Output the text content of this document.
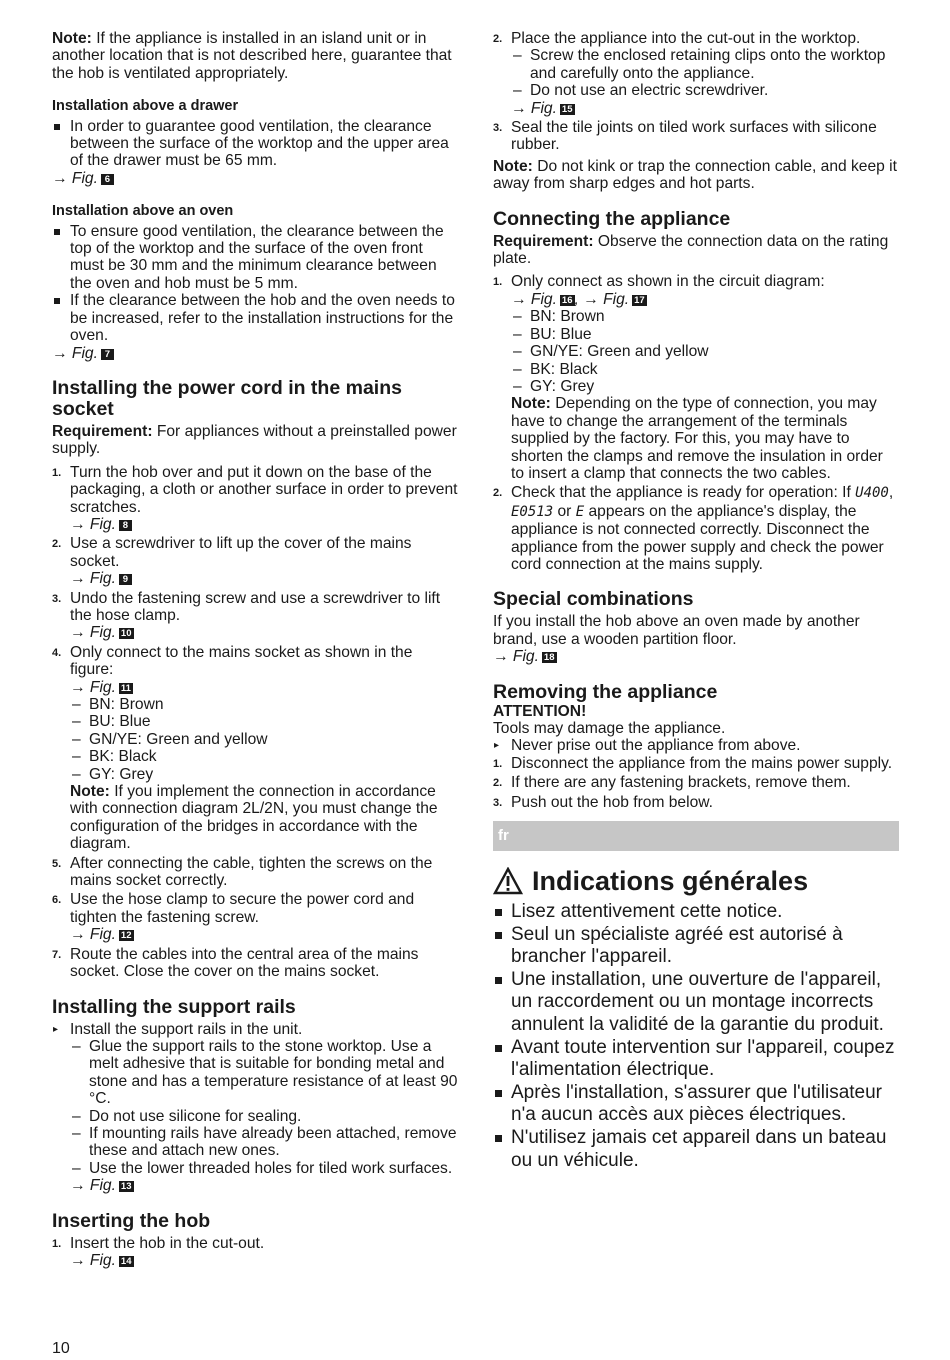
Note: If the appliance is installed in an island unit or in another location that is not described here, guarantee that the hob is ventilated appropriately.

Installation above a drawer
In order to guarantee good ventilation, the clearance between the surface of the worktop and the upper area of the drawer must be 65 mm.

→ Fig. 6

Installation above an oven
To ensure good ventilation, the clearance between the top of the worktop and the surface of the oven front must be 30 mm and the minimum clearance between the oven and hob must be 5 mm.
If the clearance between the hob and the oven needs to be increased, refer to the installation instructions for the oven.

→ Fig. 7

Installing the power cord in the mains socket

Requirement: For appliances without a preinstalled power supply.

1. Turn the hob over and put it down on the base of the packaging, a cloth or another surface in order to prevent scratches.
→ Fig. 8
2. Use a screwdriver to lift up the cover of the mains socket.
→ Fig. 9
3. Undo the fastening screw and use a screwdriver to lift the hose clamp.
→ Fig. 10
4. Only connect to the mains socket as shown in the figure:
→ Fig. 11
– BN: Brown
– BU: Blue
– GN/YE: Green and yellow
– BK: Black
– GY: Grey

Note: If you implement the connection in accordance with connection diagram 2L/2N, you must change the configuration of the bridges in accordance with the diagram.

5. After connecting the cable, tighten the screws on the mains socket correctly.
6. Use the hose clamp to secure the power cord and tighten the fastening screw.
→ Fig. 12
7. Route the cables into the central area of the mains socket. Close the cover on the mains socket.
Installing the support rails
▸ Install the support rails in the unit.
– Glue the support rails to the stone worktop. Use a melt adhesive that is suitable for bonding metal and stone and has a temperature resistance of at least 90 °C.
– Do not use silicone for sealing.
– If mounting rails have already been attached, remove these and attach new ones.
– Use the lower threaded holes for tiled work surfaces.
→ Fig. 13
Inserting the hob
1. Insert the hob in the cut-out.
→ Fig. 14
2. Place the appliance into the cut-out in the worktop.
– Screw the enclosed retaining clips onto the worktop and carefully onto the appliance.
– Do not use an electric screwdriver.
→ Fig. 15
3. Seal the tile joints on tiled work surfaces with silicone rubber.

Note: Do not kink or trap the connection cable, and keep it away from sharp edges and hot parts.

Connecting the appliance

Requirement: Observe the connection data on the rating plate.

1. Only connect as shown in the circuit diagram:
→ Fig. 16 , → Fig. 17
– BN: Brown
– BU: Blue
– GN/YE: Green and yellow
– BK: Black
– GY: Grey

Note: Depending on the type of connection, you may have to change the arrangement of the terminals supplied by the factory. For this, you may have to shorten the clamps and remove the insulation in order to insert a clamp that connects the two cables.

2. Check that the appliance is ready for operation: If U400, E0513 or E appears on the appliance's display, the appliance is not connected correctly. Disconnect the appliance from the power supply and check the power cord connection at the mains supply.
Special combinations

If you install the hob above an oven made by another brand, use a wooden partition floor.

→ Fig. 18

Removing the appliance

ATTENTION!

Tools may damage the appliance.

▸ Never prise out the appliance from above.
1. Disconnect the appliance from the mains power supply.
2. If there are any fastening brackets, remove them.
3. Push out the hob from below.
fr
Indications générales
Lisez attentivement cette notice.
Seul un spécialiste agréé est autorisé à brancher l'appareil.
Une installation, une ouverture de l'appareil, un raccordement ou un montage incorrects annulent la validité de la garantie du produit.
Avant toute intervention sur l'appareil, coupez l'alimentation électrique.
Après l'installation, s'assurer que l'utilisateur n'a aucun accès aux pièces électriques.
N'utilisez jamais cet appareil dans un bateau ou un véhicule.
10
